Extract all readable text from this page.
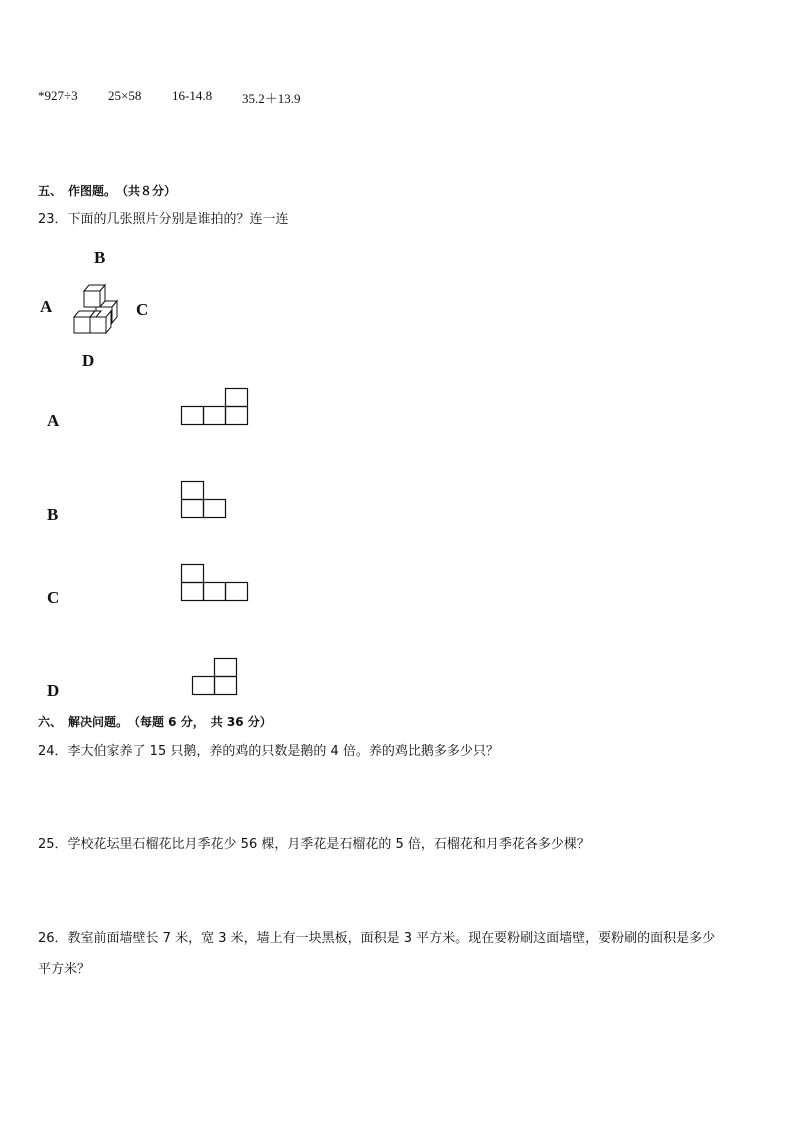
*927÷3 25×58 16-14.8 35.2＋13.9
五、　作图题。　（共８分）
23．下面的几张照片分别是谁拍的？连一连
B
A	C
D
A
B
C
D
六、　解决问题。　（每题 6 分，　共 36 分）
24．李大伯家养了 15 只鹅，养的鸡的只数是鹅的 4 倍。养的鸡比鹅多多少只？
25．学校花坛里石榴花比月季花少 56 棵，月季花是石榴花的 5 倍，石榴花和月季花各多少棵？
26．教室前面墙壁长 7 米，宽 3 米，墙上有一块黑板，面积是 3 平方米。现在要粉刷这面墙壁，要粉刷的面积是多少
平方米？
